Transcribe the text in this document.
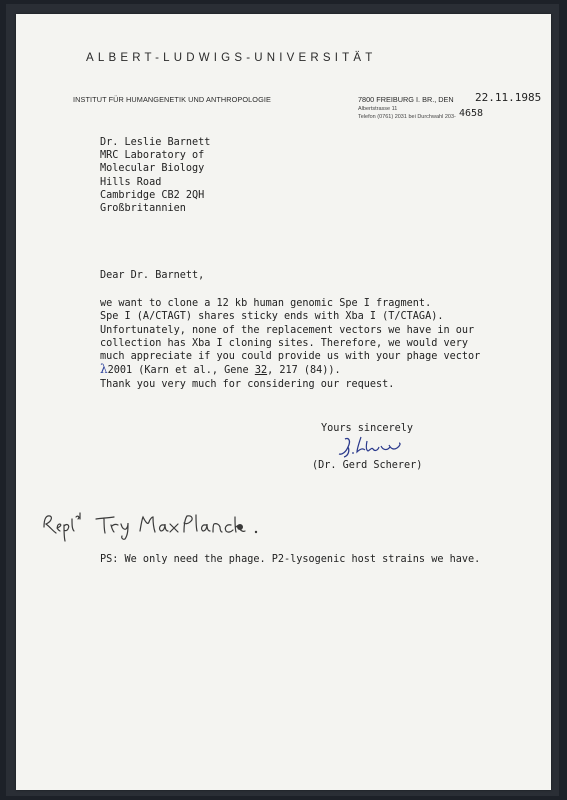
ALBERT-LUDWIGS-UNIVERSITÄT
INSTITUT FÜR HUMANGENETIK UND ANTHROPOLOGIE	7800 FREIBURG I. BR., DEN 22.11.1985
Albertstrasse 11
Telefon (0761) 2031 bei Durchwahl 203- 4658
Dr. Leslie Barnett
MRC Laboratory of
Molecular Biology
Hills Road
Cambridge CB2 2QH
Großbritannien
Dear Dr. Barnett,
we want to clone a 12 kb human genomic Spe I fragment.
Spe I (A/CTAGT) shares sticky ends with Xba I (T/CTAGA).
Unfortunately, none of the replacement vectors we have in our
collection has Xba I cloning sites. Therefore, we would very
much appreciate if you could provide us with your phage vector
λ2001 (Karn et al., Gene 32, 217 (84)).
Thank you very much for considering our request.
Yours sincerely
(Dr. Gerd Scherer)
PS: We only need the phage. P2-lysogenic host strains we have.
